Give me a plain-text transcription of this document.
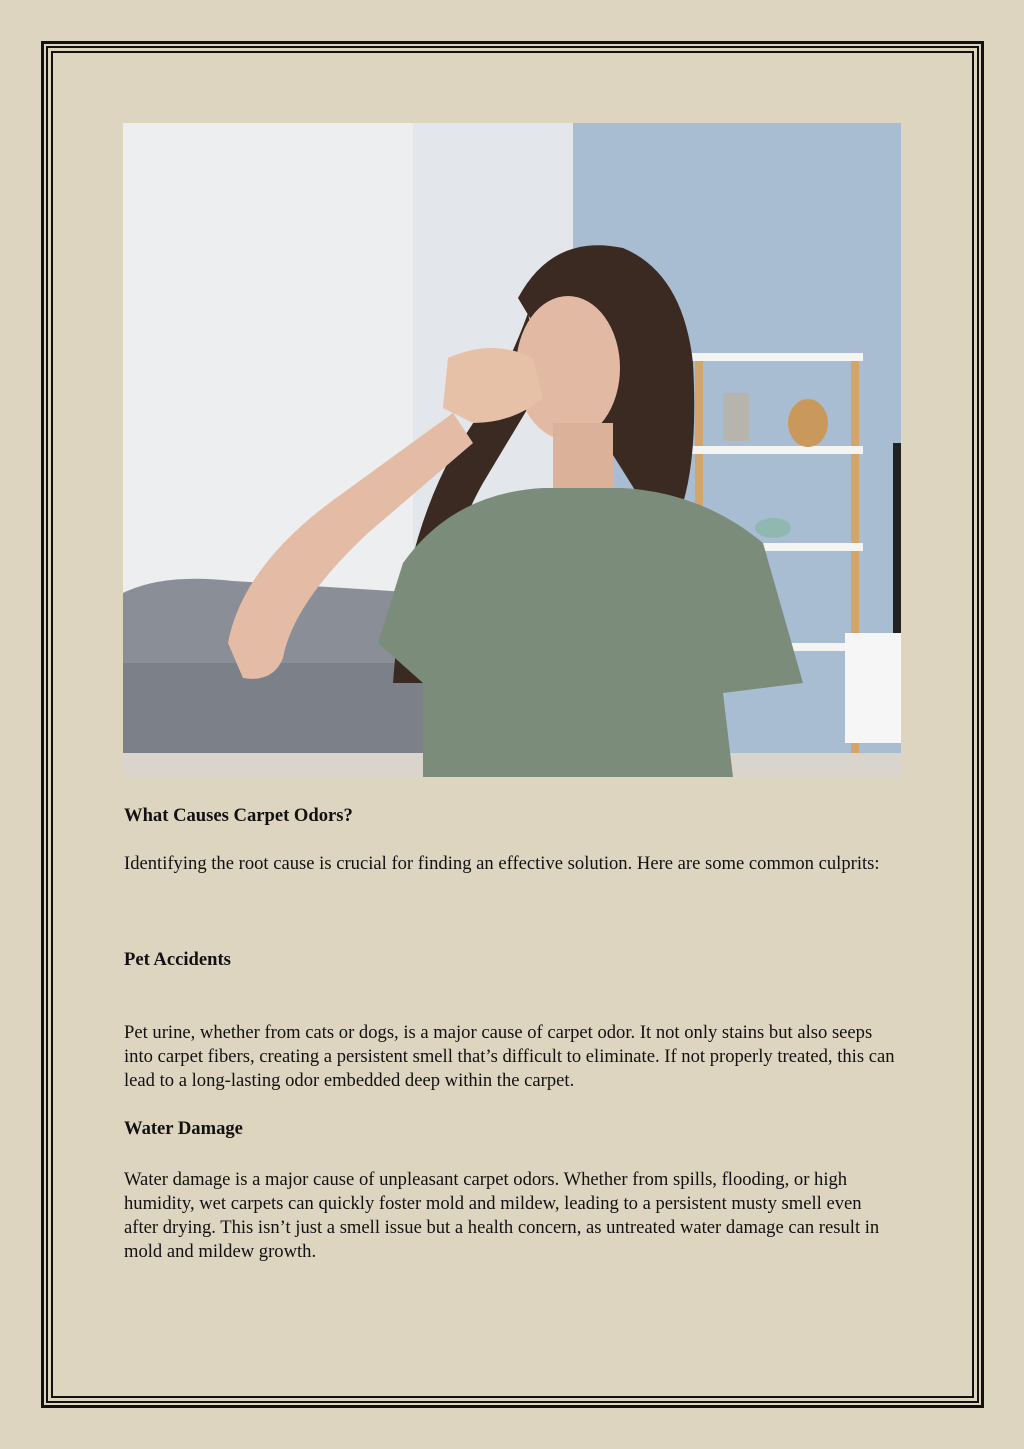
What Causes Carpet Odors?

Identifying the root cause is crucial for finding an effective solution. Here are some common culprits:

Pet Accidents

Pet urine, whether from cats or dogs, is a major cause of carpet odor. It not only stains but also seeps into carpet fibers, creating a persistent smell that’s difficult to eliminate. If not properly treated, this can lead to a long-lasting odor embedded deep within the carpet.

Water Damage

Water damage is a major cause of unpleasant carpet odors. Whether from spills, flooding, or high humidity, wet carpets can quickly foster mold and mildew, leading to a persistent musty smell even after drying. This isn’t just a smell issue but a health concern, as untreated water damage can result in mold and mildew growth.
